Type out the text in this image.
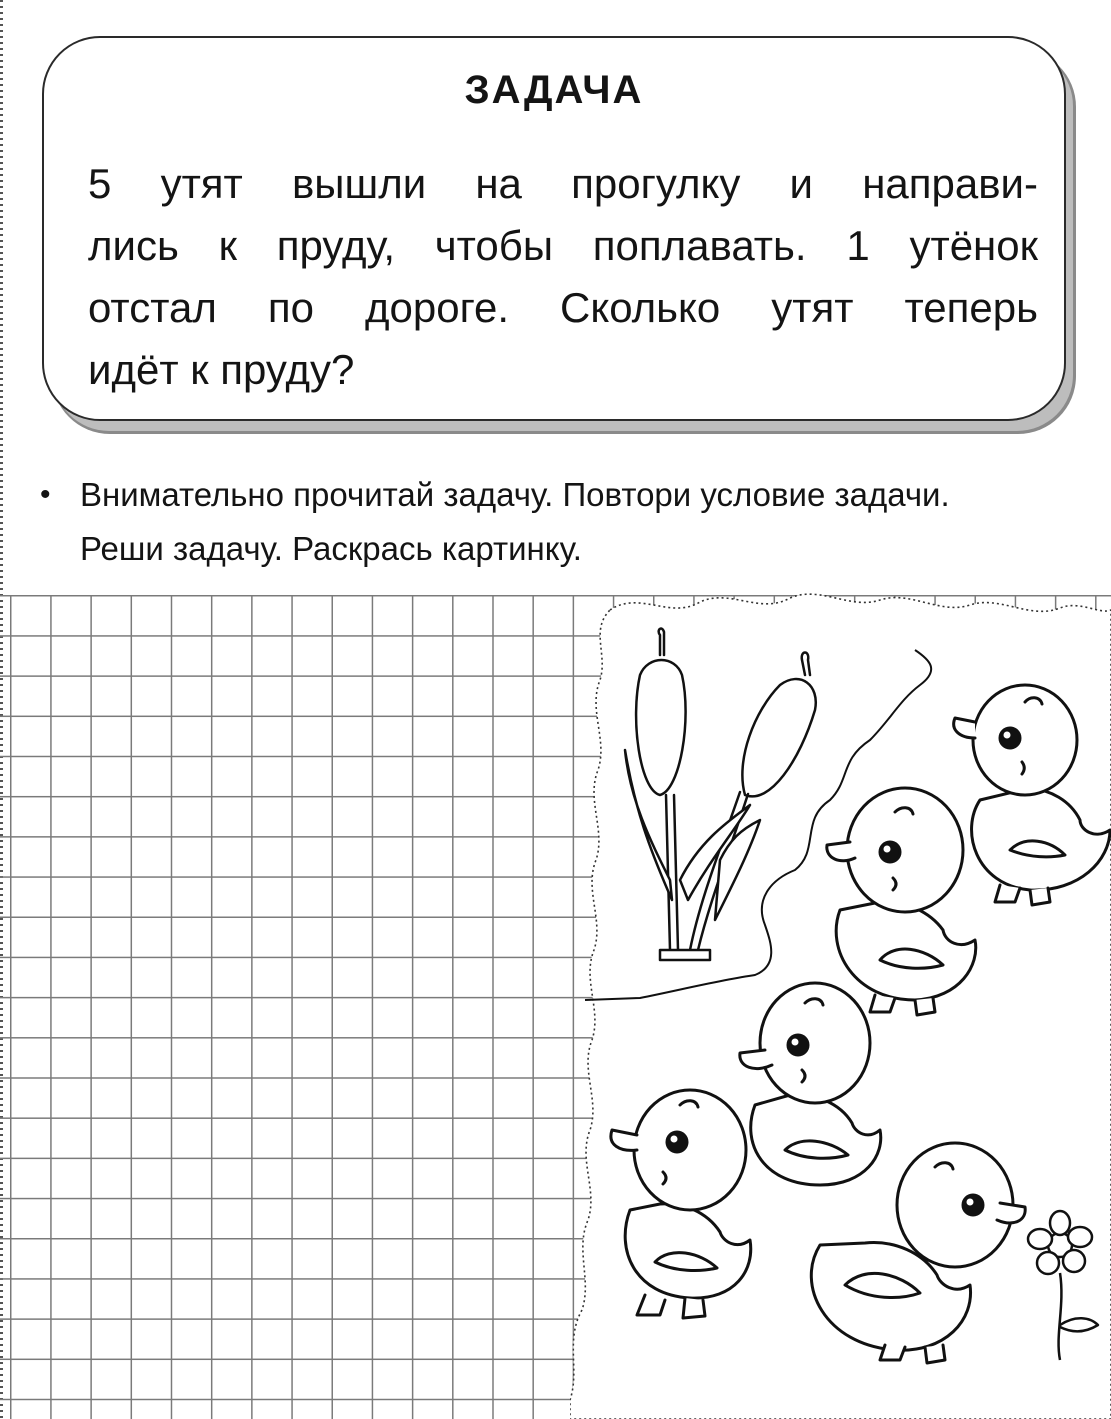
ЗАДАЧА

5 утят вышли на прогулку и направи-
лись к пруду, чтобы поплавать. 1 утёнок
отстал по дороге. Сколько утят теперь
идёт к пруду?

• Внимательно прочитай задачу. Повтори условие задачи. Реши задачу. Раскрась картинку.
